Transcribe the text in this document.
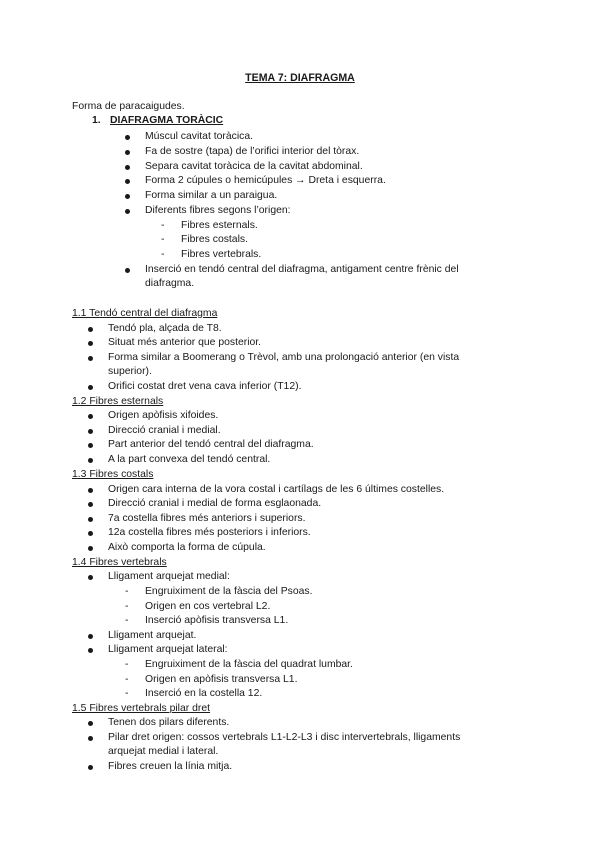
TEMA 7: DIAFRAGMA
Forma de paracaigudes.
1. DIAFRAGMA TORÀCIC
Múscul cavitat toràcica.
Fa de sostre (tapa) de l’orifici interior del tòrax.
Separa cavitat toràcica de la cavitat abdominal.
Forma 2 cúpules o hemicúpules → Dreta i esquerra.
Forma similar a un paraigua.
Diferents fibres segons l’origen:
- Fibres esternals.
- Fibres costals.
- Fibres vertebrals.
Inserció en tendó central del diafragma, antigament centre frènic del
diafragma.
1.1 Tendó central del diafragma
Tendó pla, alçada de T8.
Situat més anterior que posterior.
Forma similar a Boomerang o Trèvol, amb una prolongació anterior (en vista
superior).
Orifici costat dret vena cava inferior (T12).
1.2 Fibres esternals
Origen apòfisis xifoides.
Direcció cranial i medial.
Part anterior del tendó central del diafragma.
A la part convexa del tendó central.
1.3 Fibres costals
Origen cara interna de la vora costal i cartílags de les 6 últimes costelles.
Direcció cranial i medial de forma esglaonada.
7a costella fibres més anteriors i superiors.
12a costella fibres més posteriors i inferiors.
Això comporta la forma de cúpula.
1.4 Fibres vertebrals
Lligament arquejat medial:
- Engruiximent de la fàscia del Psoas.
- Origen en cos vertebral L2.
- Inserció apòfisis transversa L1.
Lligament arquejat.
Lligament arquejat lateral:
- Engruiximent de la fàscia del quadrat lumbar.
- Origen en apòfisis transversa L1.
- Inserció en la costella 12.
1.5 Fibres vertebrals pilar dret
Tenen dos pilars diferents.
Pilar dret origen: cossos vertebrals L1-L2-L3 i disc intervertebrals, lligaments
arquejat medial i lateral.
Fibres creuen la línia mitja.
